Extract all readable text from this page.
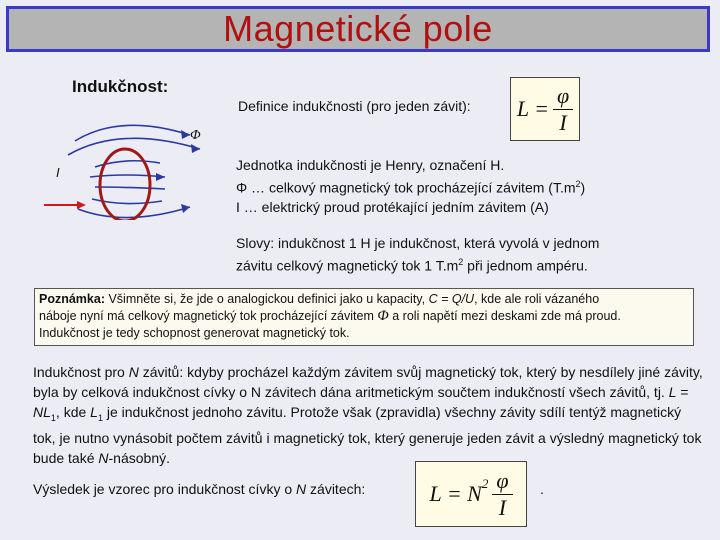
Magnetické pole
Indukčnost:
Definice indukčnosti (pro jeden závit): $L = \frac{\varphi}{I}$
Φ
I	Jednotka indukčnosti je Henry, označení H.
Φ … celkový magnetický tok procházející závitem $(T.m^2)$
I … elektrický proud protékající jedním závitem (A)
Slovy: indukčnost 1 H je indukčnost, která vyvolá v jednom
závitu celkový magnetický tok 1 $T.m^2$ při jednom ampéru.
Poznámka: Všimněte si, že jde o analogickou definici jako u kapacity, C = Q/U, kde ale roli vázaného
náboje nyní má celkový magnetický tok procházející závitem Φ a roli napětí mezi deskami zde má proud.
Indukčnost je tedy schopnost generovat magnetický tok.
Indukčnost pro N závitů: kdyby procházel každým závitem svůj magnetický tok, který by nesdílely jiné závity, byla by celková indukčnost cívky o N závitech dána aritmetickým součtem indukčností všech závitů, tj. $L = NL_1$, kde $L_1$ je indukčnost jednoho závitu. Protože však (zpravidla) všechny závity sdílí tentýž magnetický tok, je nutno vynásobit počtem závitů i magnetický tok, který generuje jeden závit a výsledný magnetický tok bude také N-násobný.
Výsledek je vzorec pro indukčnost cívky o N závitech:	$L = N^2 \frac{\varphi}{I}$ .
